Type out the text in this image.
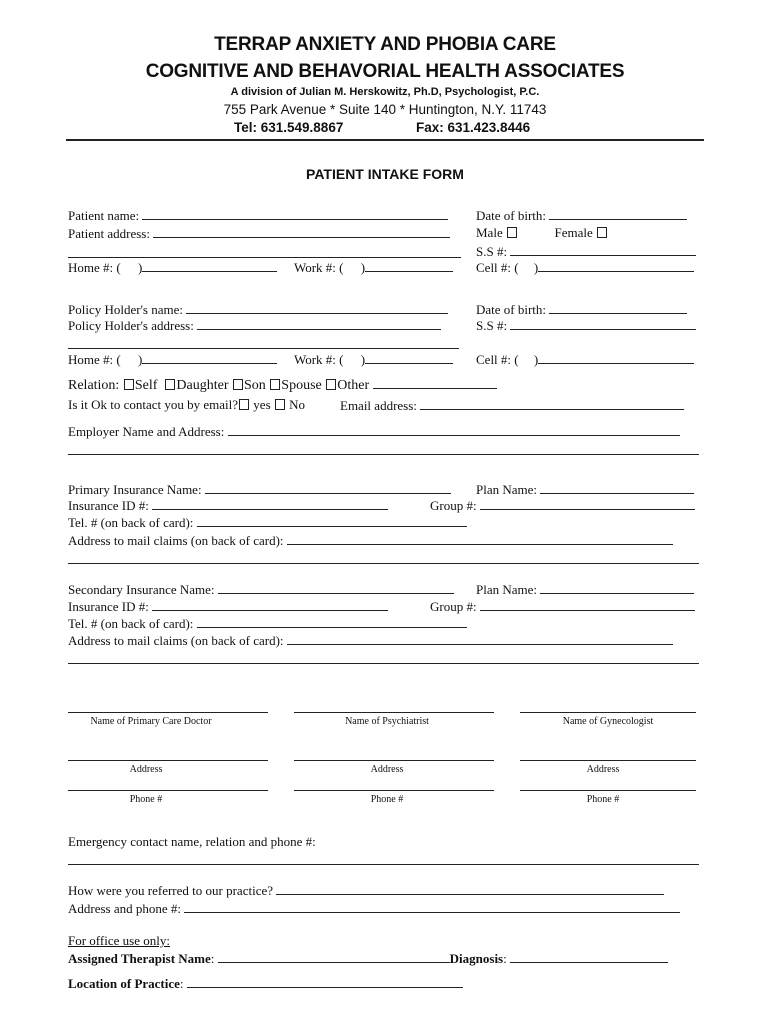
TERRAP ANXIETY AND PHOBIA CARE
COGNITIVE AND BEHAVORIAL HEALTH ASSOCIATES
A division of Julian M. Herskowitz, Ph.D, Psychologist, P.C.
755 Park Avenue * Suite 140 * Huntington, N.Y. 11743
Tel: 631.549.8867	Fax: 631.423.8446
PATIENT INTAKE FORM
Patient name:	Date of birth:
Patient address:	Male	Female
S.S #:
Home #: ( )	Work #: ( )	Cell #: ( )
Policy Holder's name:	Date of birth:
Policy Holder's address:	S.S #:
Home #: ( )	Work #: ( )	Cell #: ( )
Relation: Self Daughter Son Spouse Other
Is it Ok to contact you by email? yes No	Email address:
Employer Name and Address:
Primary Insurance Name:	Plan Name:
Insurance ID #:	Group #:
Tel. # (on back of card):
Address to mail claims (on back of card):
Secondary Insurance Name:	Plan Name:
Insurance ID #:	Group #:
Tel. # (on back of card):
Address to mail claims (on back of card):
Name of Primary Care Doctor	Name of Psychiatrist	Name of Gynecologist
Address	Address	Address
Phone #	Phone #	Phone #
Emergency contact name, relation and phone #:
How were you referred to our practice?
Address and phone #:
For office use only:
Assigned Therapist Name:	Diagnosis:
Location of Practice:
